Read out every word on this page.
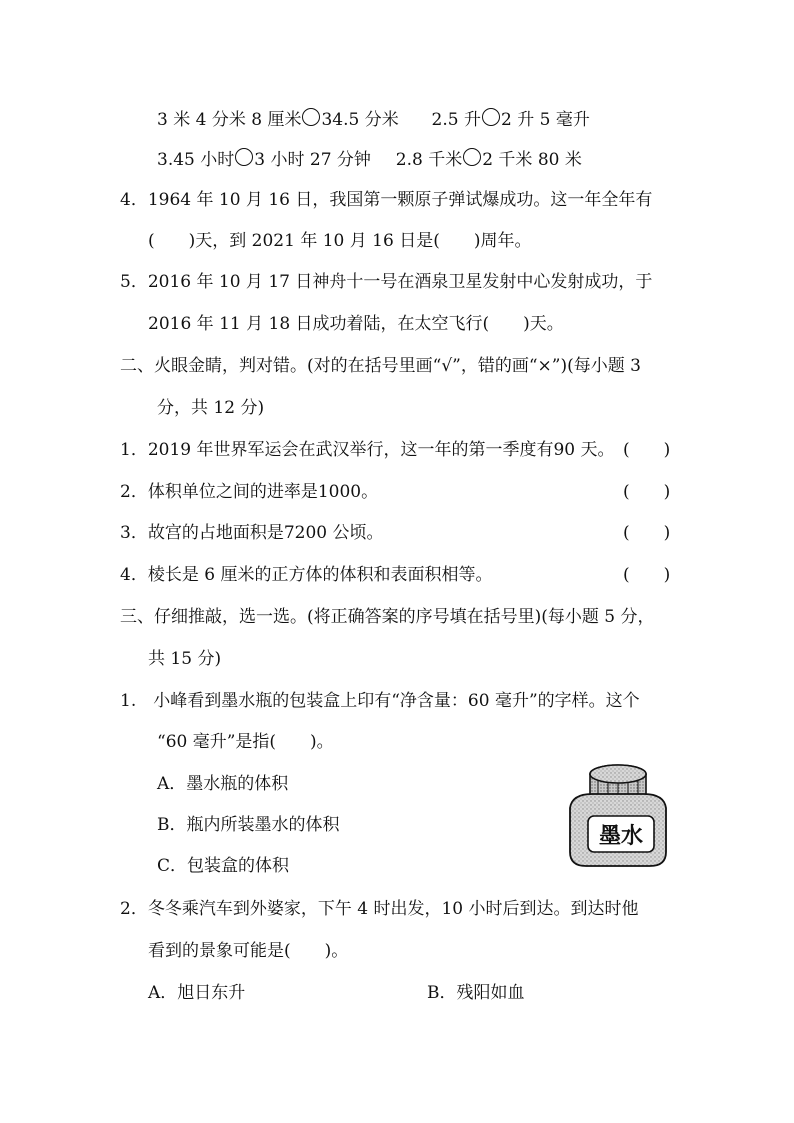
3 米 4 分米 8 厘米 34.5 分米 2.5 升 2 升 5 毫升
3.45 小时 3 小时 27 分钟 2.8 千米 2 千米 80 米
4．1964 年 10 月 16 日，我国第一颗原子弹试爆成功。这一年全年有
(　　)天，到 2021 年 10 月 16 日是(　　)周年。
5．2016 年 10 月 17 日神舟十一号在酒泉卫星发射中心发射成功，于
2016 年 11 月 18 日成功着陆，在太空飞行(　　)天。
二、火眼金睛，判对错。(对的在括号里画“√”，错的画“×”)(每小题 3
分，共 12 分)
1．2019 年世界军运会在武汉举行，这一年的第一季度有90 天。 (　　)
2．体积单位之间的进率是1000。	(　　)
3．故宫的占地面积是7200 公顷。	(　　)
4．棱长是 6 厘米的正方体的体积和表面积相等。	(　　)
三、仔细推敲，选一选。(将正确答案的序号填在括号里)(每小题 5 分，
共 15 分)
1.　小峰看到墨水瓶的包装盒上印有“净含量：60 毫升”的字样。这个
“60 毫升”是指(　　)。
A．墨水瓶的体积
B．瓶内所装墨水的体积
C．包装盒的体积
墨水
2．冬冬乘汽车到外婆家，下午 4 时出发，10 小时后到达。到达时他
看到的景象可能是(　　)。
A．旭日东升	B．残阳如血
